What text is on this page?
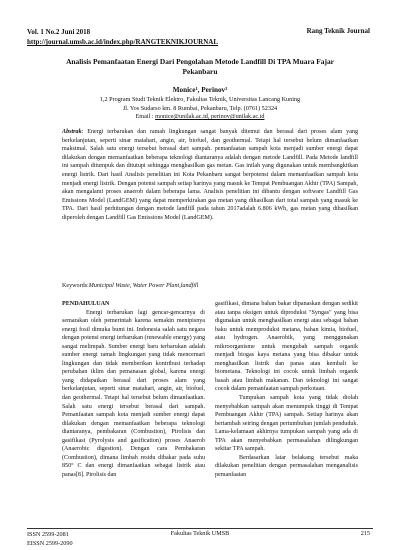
Vol. 1 No.2 Juni 2018
http://journal.umsb.ac.id/index.php/RANGTEKNIKJOURNAL
Rang Teknik Journal
Analisis Pemanfaatan Energi Dari Pengolahan Metode Landfill Di TPA Muara Fajar Pekanbaru
Monice¹, Perinov²
1,2 Program Studi Teknik Elektro, Fakultas Teknik, Universitas Lancang Kuning
Jl. Yos Sudarso km. 8 Rumbai, Pekanbaru, Telp. (0761) 52324
Email : monice@unilak.ac.id, perinov@unilak.ac.id
Abstrak: Energi terbarukan dan ramah lingkungan sangat banyak ditemui dan berasal dari proses alam yang berkelanjutan, seperti sinar matahari, angin, air, biofuel, dan geothermal. Tetapi hal tersebut belum dimanfaatkan maksimal. Salah satu energi tersebut berasal dari sampah. pemanfaatan sampah kota menjadi sumber energi dapat dilakukan dengan memanfaatkan beberapa teknologi diantaranya adalah dengan metode Landfill. Pada Metode landfill ini sampah ditumpuk dan ditutupi sehingga menghasilkan gas metan. Gas inilah yang digunakan untuk membangkitkan energi listrik. Dari hasil Analisis penelitian ini Kota Pekanbaru sangat berpotensi dalam memanfaatkan sampah kota menjadi energi listrik. Dengan potensi sampah setiap harinya yang masuk ke Tempat Pembuangan Akhir (TPA) Sampah, akan mengalami proses anaerob dalam beberapa lama. Analisis penelitian ini dibantu dengan software Landfill Gas Emissions Model (LandGEM) yang dapat memperkirakan gas metan yang dihasilkan dari total sampah yang masuk ke TPA. Dari hasil perhitungan dengan metode landfill pada tahun 2017adalah 6.806 kWh, gas metan yang dihasilkan diperoleh dengan Landfill Gas Emissions Model (LandGEM).
Keywords:Municipal Waste, Water Power Plant,landfill
PENDAHULUAN

Energi terbarukan lagi gencar-gencarnya di semarakan oleh pemerintah karena semakin menipisnya energi fosil dimuka bumi ini. Indonesia salah satu negara dengan potensi energi terbarukan (renewable energy) yang sangat melimpah. Sumber energi baru terbarukan adalah sumber energi ramah lingkungan yang tidak mencemari lingkungan dan tidak memberikan kontribusi terhadap perubahan iklim dan pemanasan global, karena energi yang didapatkan berasal dari proses alam yang berkelanjutan, seperti sinar matahari, angin, air, biofuel, dan geothermal. Tetapi hal tersebut belum dimanfaatkan. Salah satu energi tersebut berasal dari sampah. Pemanfaatan sampah kota menjadi sumber energi dapat dilakukan dengan memanfaatkan beberapa teknologi diantaranya, pembakaran (Combustion), Pirolisis dan gasifikasi (Pyrolysis and gasification) proses Anaerob (Anaerobic digestion). Dengan cara Pembakaran (Combustion), dimana limbah residu dibakar pada suhu 850° C dan energi dimanfaatkan sebagai listrik atau panas[8]. Pirolisis dan

gasifikasi, dimana bahan bakar dipanaskan dengan sedikit atau tanpa oksigen untuk diproduksi "Syngas" yang bisa digunakan untuk menghasilkan energi atau sebagai bahan baku untuk memproduksi metana, bahan kimia, biofuel, atau hydrogen. Anaerobik, yang menggunakan mikroorganisme untuk mengubah sampah organik menjadi biogas kaya metana yang bisa dibakar untuk menghasilkan listrik dan panas atau kembali ke biometana. Teknologi ini cocok untuk limbah organik basah atau limbah makanan. Dan teknologi ini sangat cocok dalam pemanfaatan sampah perkotaan.

Tumpukan sampah kota yang tidak diolah menyebabkan sampah akan menumpuk tinggi di Tempat Pembuangan Akhir (TPA) sampah. Setiap harinya akan bertambah seiring dengan pertumbuhan jumlah penduduk. Lama-kelamaan akhirnya tumpukan sampah yang ada di TPA akan menyebabkan permasalahan dilingkungan sekitar TPA sampah.

Berdasarkan latar belakang tersebut maka dilakukan penelitian dengan permasalahan menganalisis pemanfaatan

ISSN 2599-2081
EISSN 2599-2090
Fakultas Teknik UMSB	215
